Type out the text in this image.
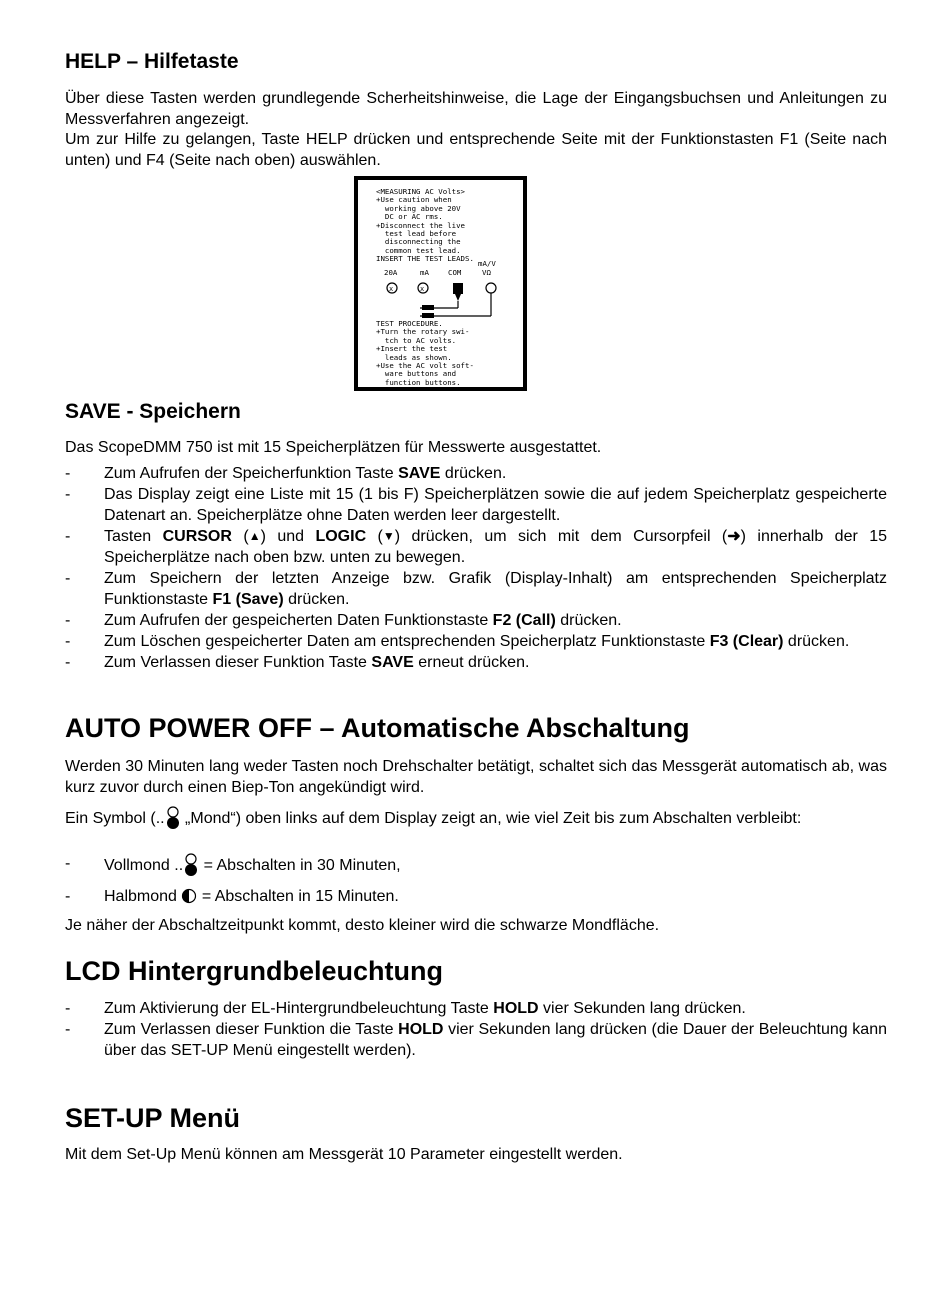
HELP – Hilfetaste

Über diese Tasten werden grundlegende Scherheitshinweise, die Lage der Eingangsbuchsen und Anleitungen zu Messverfahren angezeigt.

Um zur Hilfe zu gelangen, Taste HELP drücken und entsprechende Seite mit der Funktionstasten F1 (Seite nach unten) und F4 (Seite nach oben) auswählen.

<MEASURING AC Volts>
+Use caution when
working above 20V
DC or AC rms.
+Disconnect the live
test lead before
disconnecting the
common test lead.
INSERT THE TEST LEADS.
mA/V
20A	mA	COM	VΩ
x	x
TEST PROCEDURE.
+Turn the rotary swi-
tch to AC volts.
+Insert the test
leads as shown.
+Use the AC volt soft-
ware buttons and
function buttons.
SAVE - Speichern

Das ScopeDMM 750 ist mit 15 Speicherplätzen für Messwerte ausgestattet.

- Zum Aufrufen der Speicherfunktion Taste SAVE drücken.
- Das Display zeigt eine Liste mit 15 (1 bis F) Speicherplätzen sowie die auf jedem Speicherplatz gespeicherte Datenart an. Speicherplätze ohne Daten werden leer dargestellt.
- Tasten CURSOR (▲) und LOGIC (▼) drücken, um sich mit dem Cursorpfeil (➜) innerhalb der 15 Speicherplätze nach oben bzw. unten zu bewegen.
- Zum Speichern der letzten Anzeige bzw. Grafik (Display-Inhalt) am entsprechenden Speicherplatz Funktionstaste F1 (Save) drücken.
- Zum Aufrufen der gespeicherten Daten Funktionstaste F2 (Call) drücken.
- Zum Löschen gespeicherter Daten am entsprechenden Speicherplatz Funktionstaste F3 (Clear) drücken.
- Zum Verlassen dieser Funktion Taste SAVE erneut drücken.
AUTO POWER OFF – Automatische Abschaltung

Werden 30 Minuten lang weder Tasten noch Drehschalter betätigt, schaltet sich das Messgerät automatisch ab, was kurz zuvor durch einen Biep-Ton angekündigt wird.

Ein Symbol (.. „Mond“) oben links auf dem Display zeigt an, wie viel Zeit bis zum Abschalten verbleibt:

- Vollmond .. = Abschalten in 30 Minuten,
- Halbmond  = Abschalten in 15 Minuten.

Je näher der Abschaltzeitpunkt kommt, desto kleiner wird die schwarze Mondfläche.

LCD Hintergrundbeleuchtung
- Zum Aktivierung der EL-Hintergrundbeleuchtung Taste HOLD vier Sekunden lang drücken.
- Zum Verlassen dieser Funktion die Taste HOLD vier Sekunden lang drücken (die Dauer der Beleuchtung kann über das SET-UP Menü eingestellt werden).
SET-UP Menü

Mit dem Set-Up Menü können am Messgerät 10 Parameter eingestellt werden.
